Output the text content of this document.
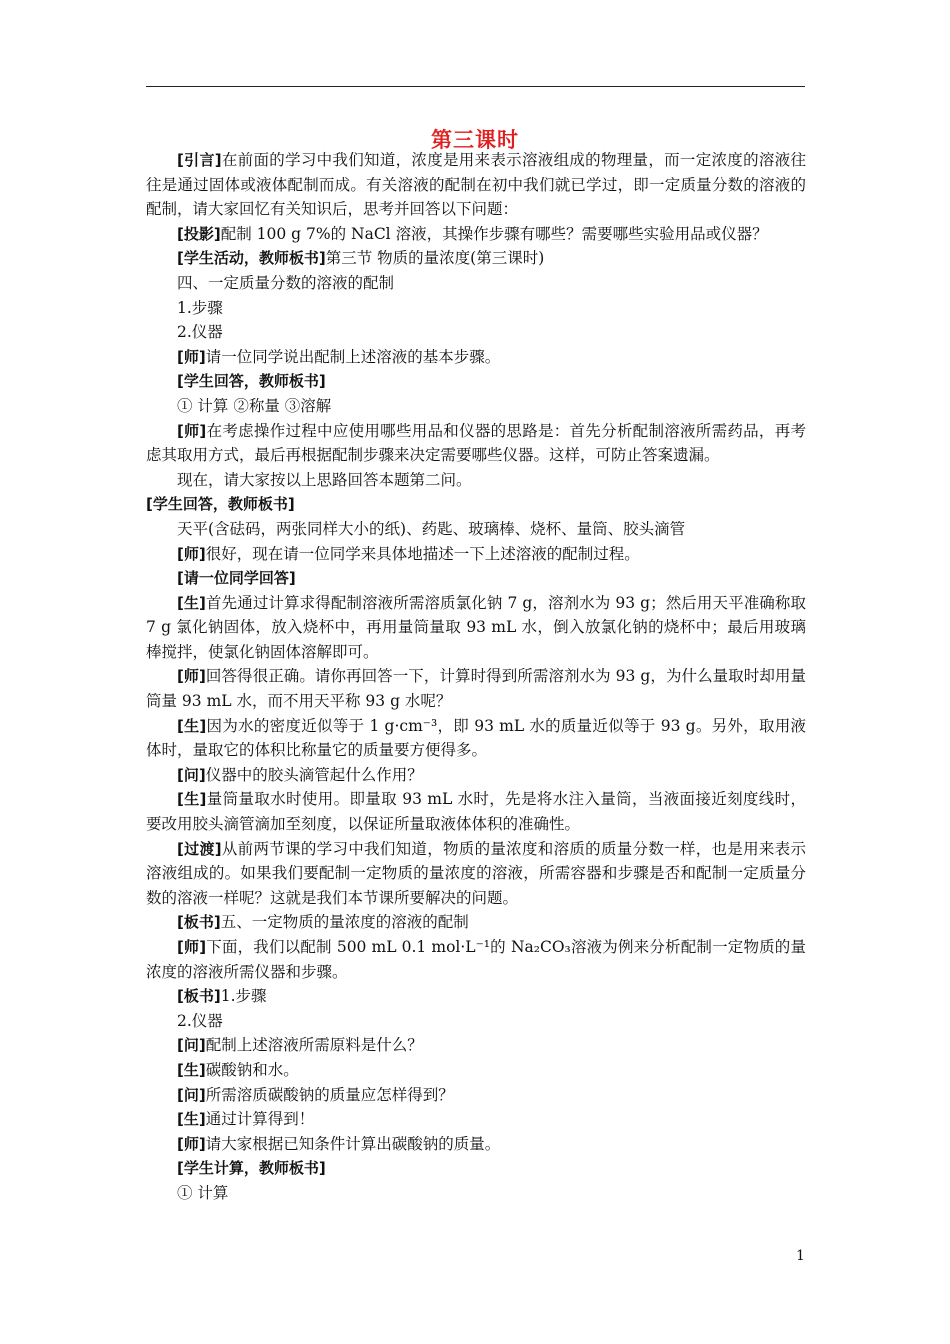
第三课时

[引言]在前面的学习中我们知道，浓度是用来表示溶液组成的物理量，而一定浓度的溶液往往是通过固体或液体配制而成。有关溶液的配制在初中我们就已学过，即一定质量分数的溶液的配制，请大家回忆有关知识后，思考并回答以下问题：

[投影]配制 100 g 7%的 NaCl 溶液，其操作步骤有哪些？需要哪些实验用品或仪器？

[学生活动，教师板书]第三节 物质的量浓度(第三课时)

四、一定质量分数的溶液的配制

1.步骤

2.仪器

[师]请一位同学说出配制上述溶液的基本步骤。

[学生回答，教师板书]

① 计算 ②称量 ③溶解

[师]在考虑操作过程中应使用哪些用品和仪器的思路是：首先分析配制溶液所需药品，再考虑其取用方式，最后再根据配制步骤来决定需要哪些仪器。这样，可防止答案遗漏。

现在，请大家按以上思路回答本题第二问。

[学生回答，教师板书]

天平(含砝码，两张同样大小的纸)、药匙、玻璃棒、烧杯、量筒、胶头滴管

[师]很好，现在请一位同学来具体地描述一下上述溶液的配制过程。

[请一位同学回答]

[生]首先通过计算求得配制溶液所需溶质氯化钠 7 g，溶剂水为 93 g；然后用天平准确称取 7 g 氯化钠固体，放入烧杯中，再用量筒量取 93 mL 水，倒入放氯化钠的烧杯中；最后用玻璃棒搅拌，使氯化钠固体溶解即可。

[师]回答得很正确。请你再回答一下，计算时得到所需溶剂水为 93 g，为什么量取时却用量筒量 93 mL 水，而不用天平称 93 g 水呢？

[生]因为水的密度近似等于 1 g·cm⁻³，即 93 mL 水的质量近似等于 93 g。另外，取用液体时，量取它的体积比称量它的质量要方便得多。

[问]仪器中的胶头滴管起什么作用？

[生]量筒量取水时使用。即量取 93 mL 水时，先是将水注入量筒，当液面接近刻度线时，要改用胶头滴管滴加至刻度，以保证所量取液体体积的准确性。

[过渡]从前两节课的学习中我们知道，物质的量浓度和溶质的质量分数一样，也是用来表示溶液组成的。如果我们要配制一定物质的量浓度的溶液，所需容器和步骤是否和配制一定质量分数的溶液一样呢？这就是我们本节课所要解决的问题。

[板书]五、一定物质的量浓度的溶液的配制

[师]下面，我们以配制 500 mL 0.1 mol·L⁻¹的 Na₂CO₃溶液为例来分析配制一定物质的量浓度的溶液所需仪器和步骤。

[板书]1.步骤

2.仪器

[问]配制上述溶液所需原料是什么？

[生]碳酸钠和水。

[问]所需溶质碳酸钠的质量应怎样得到？

[生]通过计算得到！

[师]请大家根据已知条件计算出碳酸钠的质量。

[学生计算，教师板书]

① 计算

1
